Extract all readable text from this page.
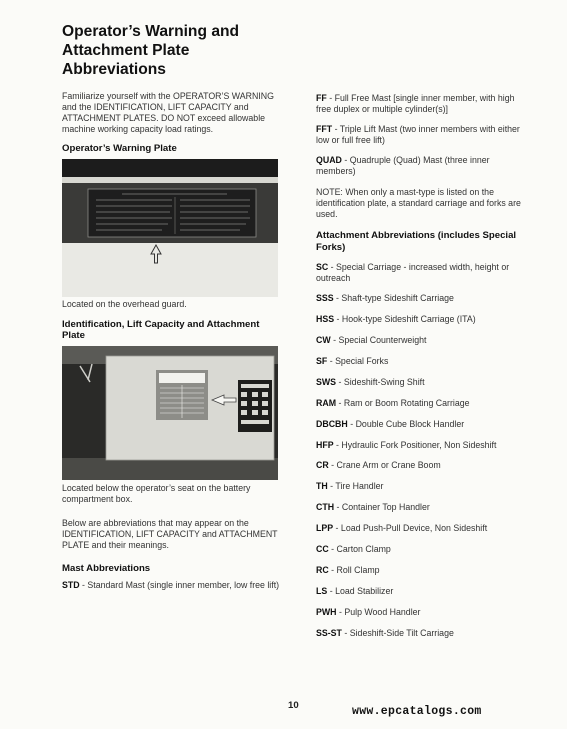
Operator’s Warning and
Attachment Plate
Abbreviations

Familiarize yourself with the OPERATOR’S WARNING and the IDENTIFICATION, LIFT CAPACITY and ATTACHMENT PLATES. DO NOT exceed allowable machine working capacity load ratings.

Operator’s Warning Plate

Located on the overhead guard.

Identification, Lift Capacity and Attachment Plate

Located below the operator’s seat on the battery compartment box.

Below are abbreviations that may appear on the IDENTIFICATION, LIFT CAPACITY and ATTACHMENT PLATE and their meanings.

Mast Abbreviations

STD - Standard Mast (single inner member, low free lift)

FF - Full Free Mast [single inner member, with high free duplex or multiple cylinder(s)]

FFT - Triple Lift Mast (two inner members with either low or full free lift)

QUAD - Quadruple (Quad) Mast (three inner members)

NOTE: When only a mast-type is listed on the identification plate, a standard carriage and forks are used.

Attachment Abbreviations (includes Special Forks)

SC - Special Carriage - increased width, height or outreach

SSS - Shaft-type Sideshift Carriage

HSS - Hook-type Sideshift Carriage (ITA)

CW - Special Counterweight

SF - Special Forks

SWS - Sideshift-Swing Shift

RAM - Ram or Boom Rotating Carriage

DBCBH - Double Cube Block Handler

HFP - Hydraulic Fork Positioner, Non Sideshift

CR - Crane Arm or Crane Boom

TH - Tire Handler

CTH - Container Top Handler

LPP - Load Push-Pull Device, Non Sideshift

CC - Carton Clamp

RC - Roll Clamp

LS - Load Stabilizer

PWH - Pulp Wood Handler

SS-ST - Sideshift-Side Tilt Carriage

10	www.epcatalogs.com
